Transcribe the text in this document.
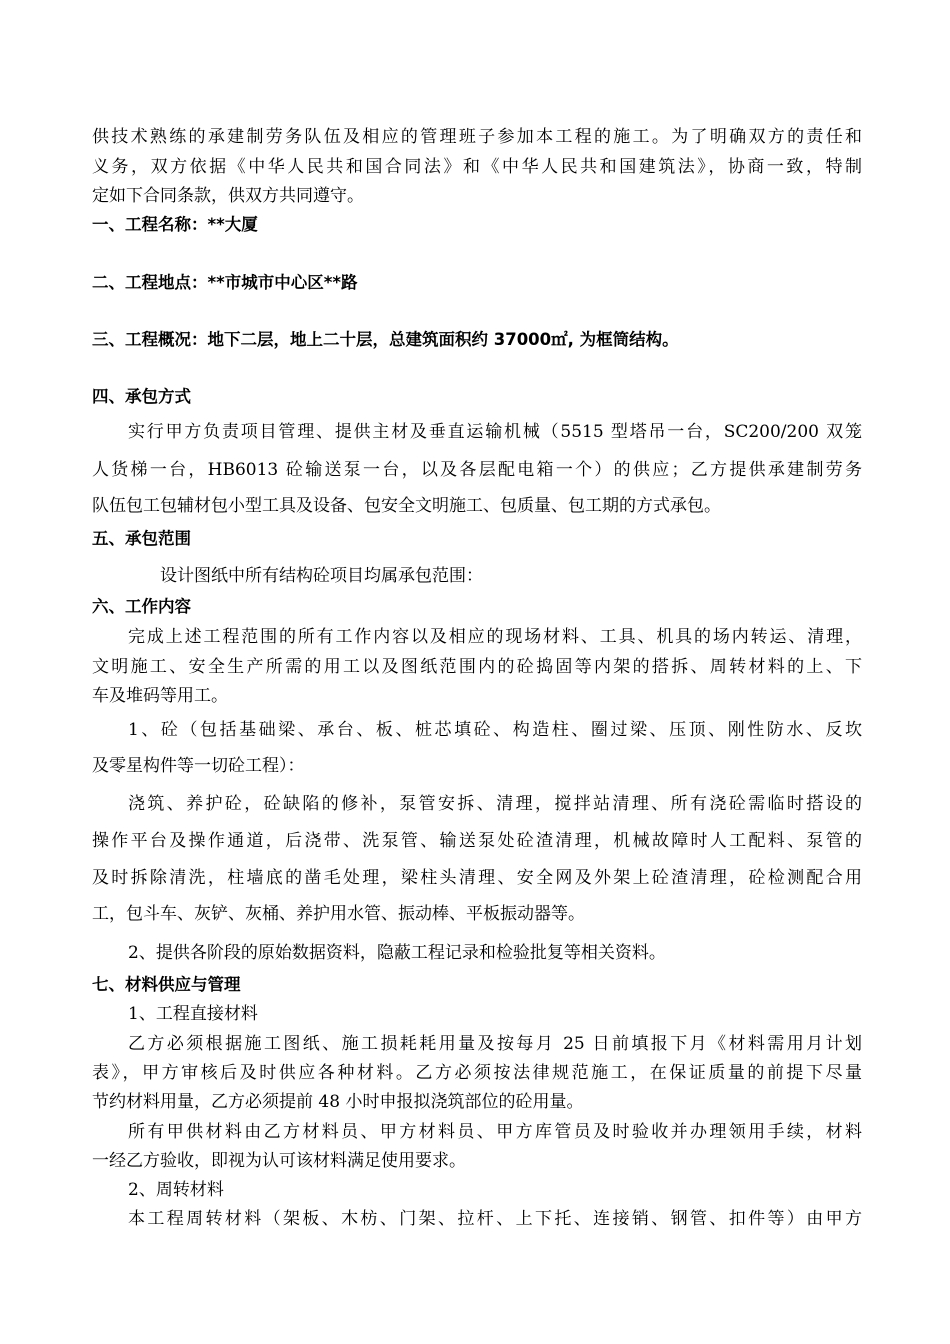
供技术熟练的承建制劳务队伍及相应的管理班子参加本工程的施工。为了明确双方的责任和
义务，双方依据《中华人民共和国合同法》和《中华人民共和国建筑法》，协商一致，特制
定如下合同条款，供双方共同遵守。
一、工程名称：**大厦
二、工程地点：**市城市中心区**路
三、工程概况：地下二层，地上二十层，总建筑面积约 37000㎡, 为框筒结构。
四、承包方式
实行甲方负责项目管理、提供主材及垂直运输机械（5515 型塔吊一台，SC200/200 双笼
人货梯一台，HB6013 砼输送泵一台，以及各层配电箱一个）的供应；乙方提供承建制劳务
队伍包工包辅材包小型工具及设备、包安全文明施工、包质量、包工期的方式承包。
五、承包范围
设计图纸中所有结构砼项目均属承包范围：
六、工作内容
完成上述工程范围的所有工作内容以及相应的现场材料、工具、机具的场内转运、清理，
文明施工、安全生产所需的用工以及图纸范围内的砼捣固等内架的搭拆、周转材料的上、下
车及堆码等用工。
1、砼（包括基础梁、承台、板、桩芯填砼、构造柱、圈过梁、压顶、刚性防水、反坎
及零星构件等一切砼工程）：
浇筑、养护砼，砼缺陷的修补，泵管安拆、清理，搅拌站清理、所有浇砼需临时搭设的
操作平台及操作通道，后浇带、洗泵管、输送泵处砼渣清理，机械故障时人工配料、泵管的
及时拆除清洗，柱墙底的凿毛处理，梁柱头清理、安全网及外架上砼渣清理，砼检测配合用
工，包斗车、灰铲、灰桶、养护用水管、振动棒、平板振动器等。
2、提供各阶段的原始数据资料，隐蔽工程记录和检验批复等相关资料。
七、材料供应与管理
1、工程直接材料
乙方必须根据施工图纸、施工损耗耗用量及按每月 25 日前填报下月《材料需用月计划
表》，甲方审核后及时供应各种材料。乙方必须按法律规范施工，在保证质量的前提下尽量
节约材料用量，乙方必须提前 48 小时申报拟浇筑部位的砼用量。
所有甲供材料由乙方材料员、甲方材料员、甲方库管员及时验收并办理领用手续，材料
一经乙方验收，即视为认可该材料满足使用要求。
2、周转材料
本工程周转材料（架板、木枋、门架、拉杆、上下托、连接销、钢管、扣件等）由甲方
